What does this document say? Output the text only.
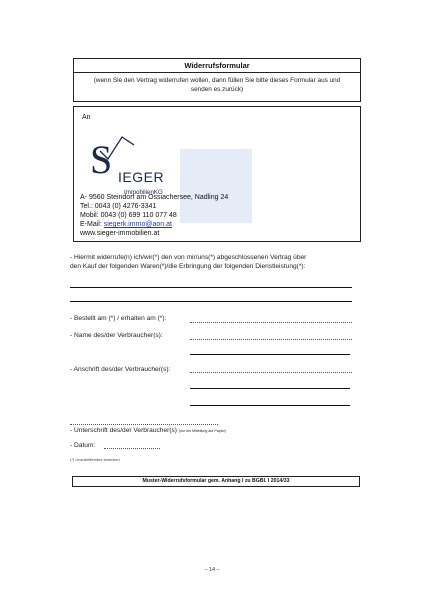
Widerrufsformular
(wenn Sie den Vertrag widerrufen wollen, dann füllen Sie bitte dieses Formular aus und senden es zurück)
An
S IEGER
ImmobilienKG
A- 9560 Steindorf am Ossiachersee, Nadling 24
Tel.: 0043 (0) 4276-3341
Mobil: 0043 (0) 699 110 077 48
E-Mail: siegerk.immo@aon.at
www.sieger-immobilien.at
- Hiermit widerrufe(n) ich/wir(*) den von mir/uns(*) abgeschlossenen Vertrag über
den Kauf der folgenden Waren(*)/die Erbringung der folgenden Dienstleistung(*):
- Bestellt am (*) / erhalten am (*):
- Name des/der Verbraucher(s):
- Anschrift des/der Verbraucher(s):
- Unterschrift des/der Verbraucher(s) (nur bei Mitteilung auf Papier)
- Datum:
(*) Unzutreffendes streichen
Muster-Widerrufsformular gem. Anhang I zu BGBl. I 2014/33
– 14 –
